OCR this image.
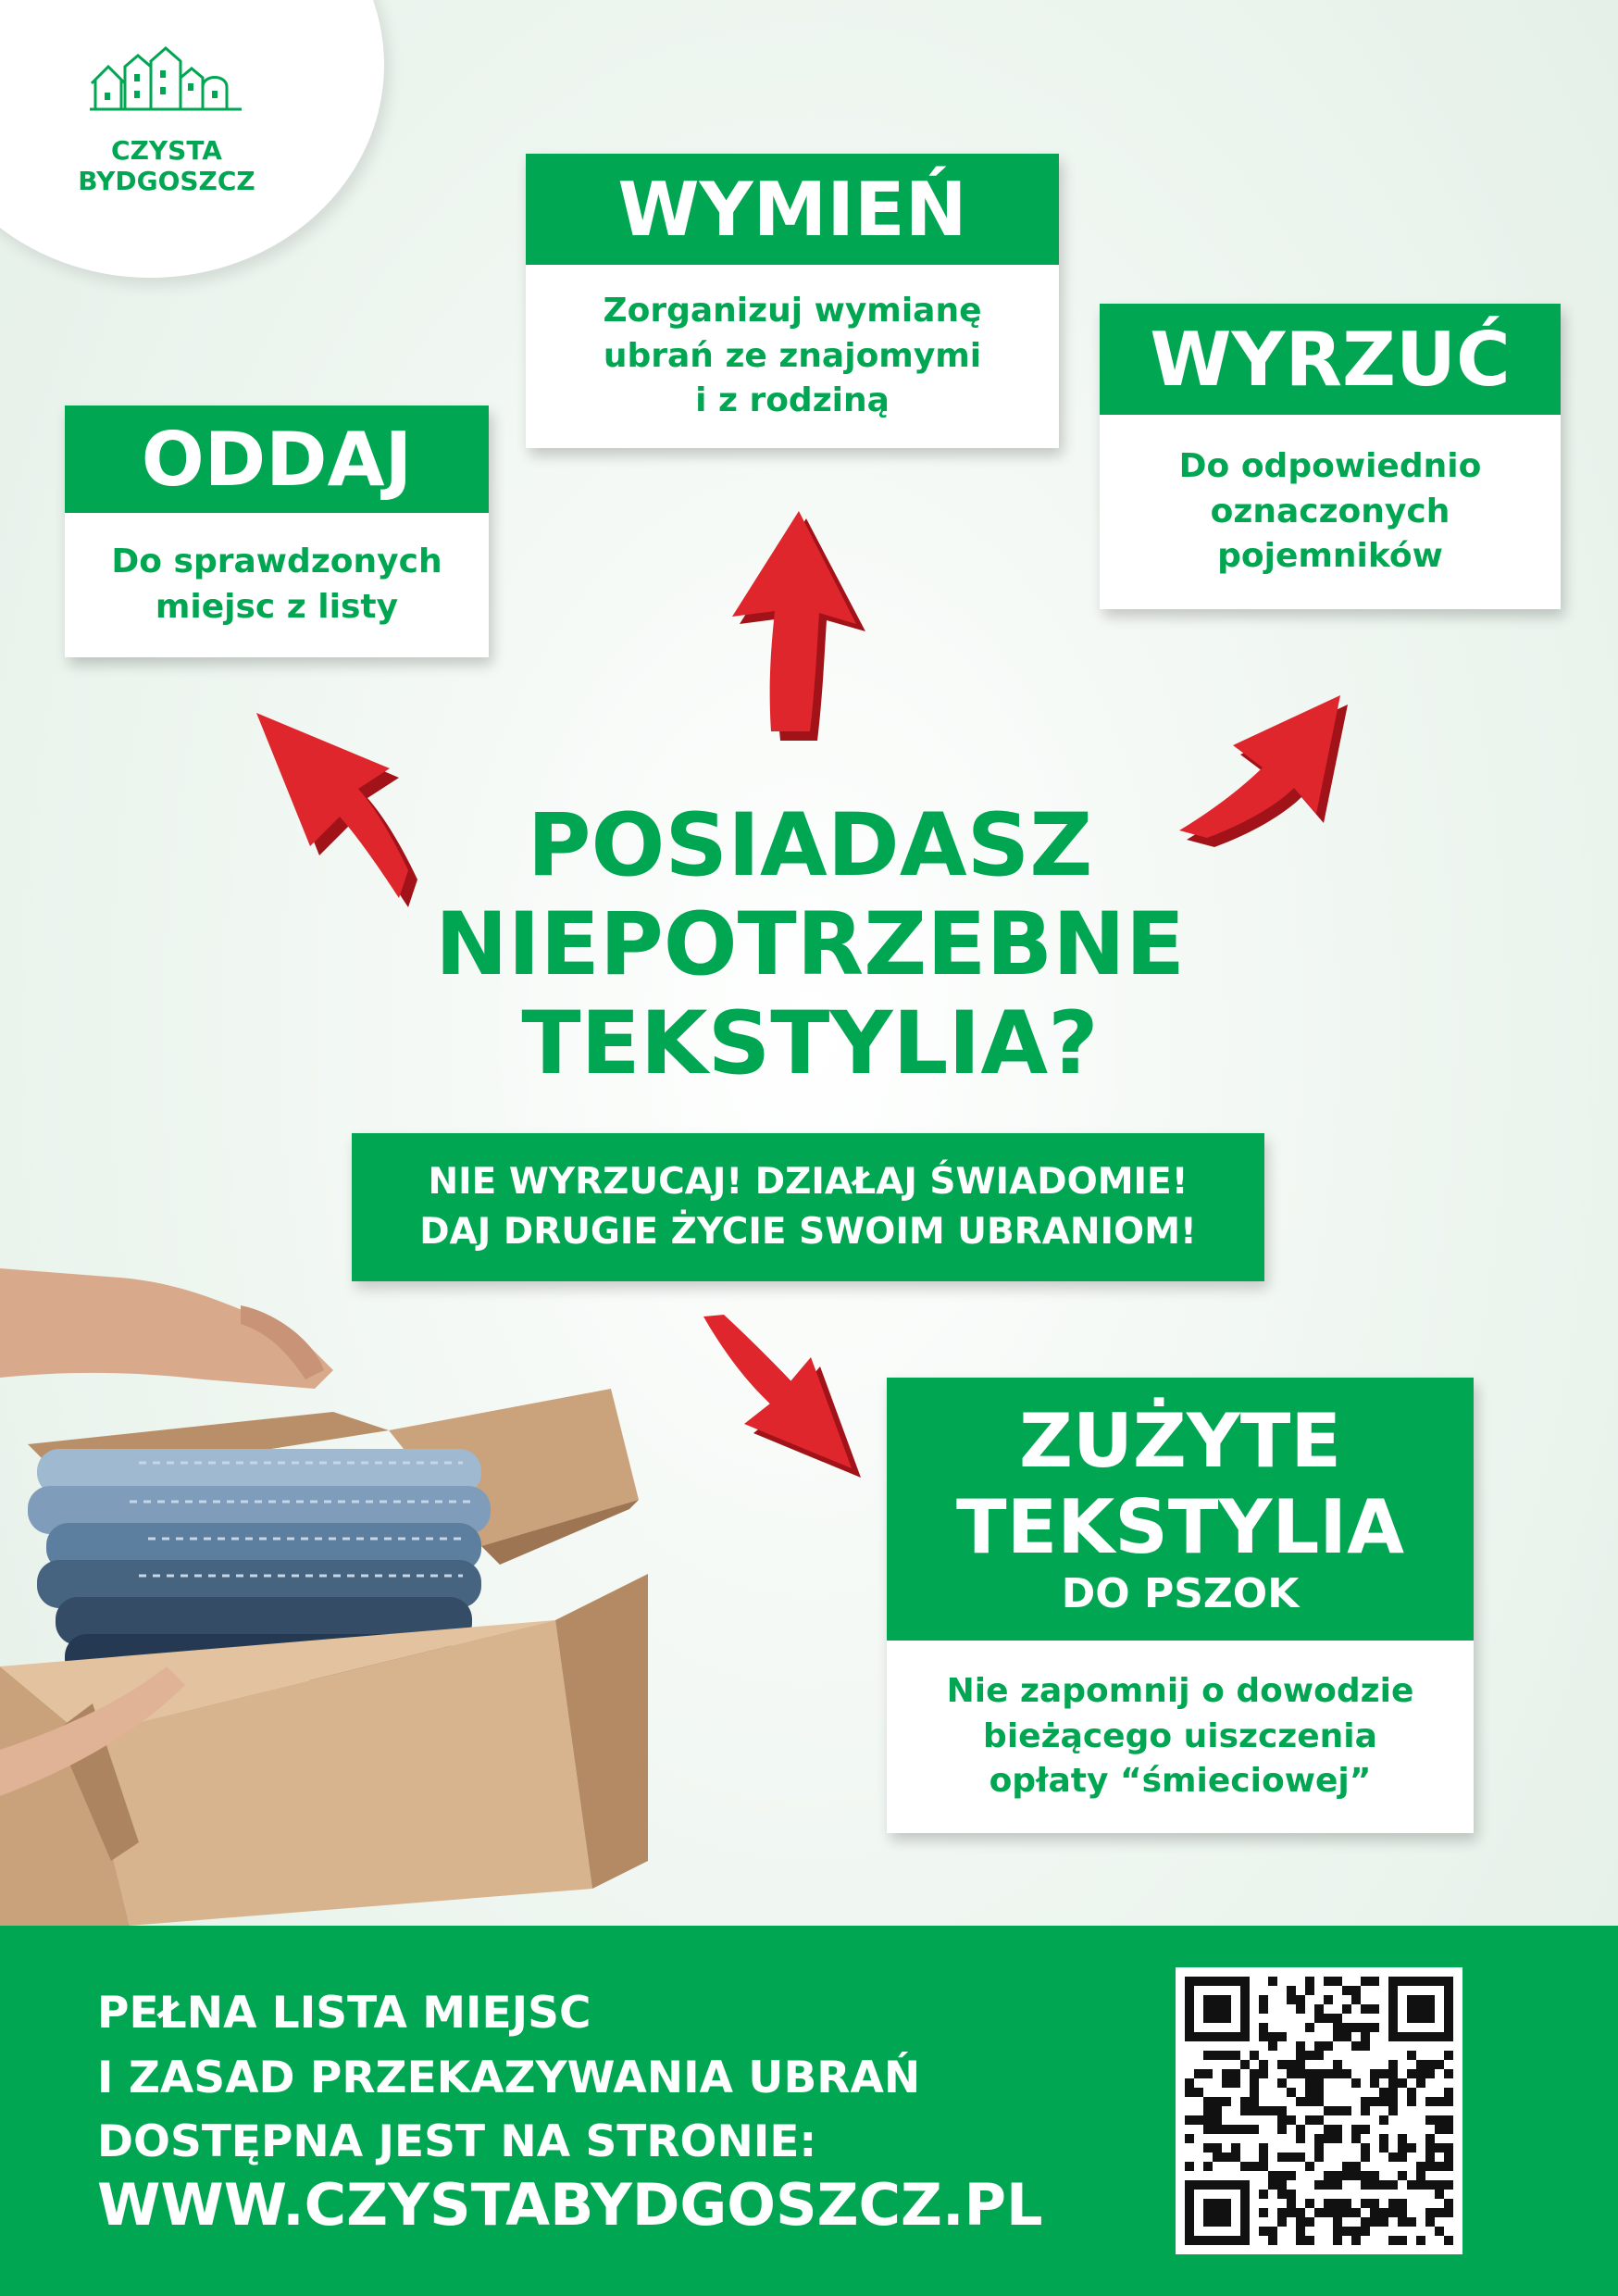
CZYSTA BYDGOSZCZ	WYMIEŃ
Zorganizuj wymianę
ubrań ze znajomymi
i z rodziną
ODDAJ
Do sprawdzonych
miejsc z listy
WYRZUĆ
Do odpowiednio
oznaczonych
pojemników
POSIADASZ
NIEPOTRZEBNE
TEKSTYLIA?
NIE WYRZUCAJ! DZIAŁAJ ŚWIADOMIE!
DAJ DRUGIE ŻYCIE SWOIM UBRANIOM!
ZUŻYTE
TEKSTYLIA
DO PSZOK
Nie zapomnij o dowodzie
bieżącego uiszczenia
opłaty “śmieciowej”
PEŁNA LISTA MIEJSC
I ZASAD PRZEKAZYWANIA UBRAŃ
DOSTĘPNA JEST NA STRONIE:
WWW.CZYSTABYDGOSZCZ.PL
